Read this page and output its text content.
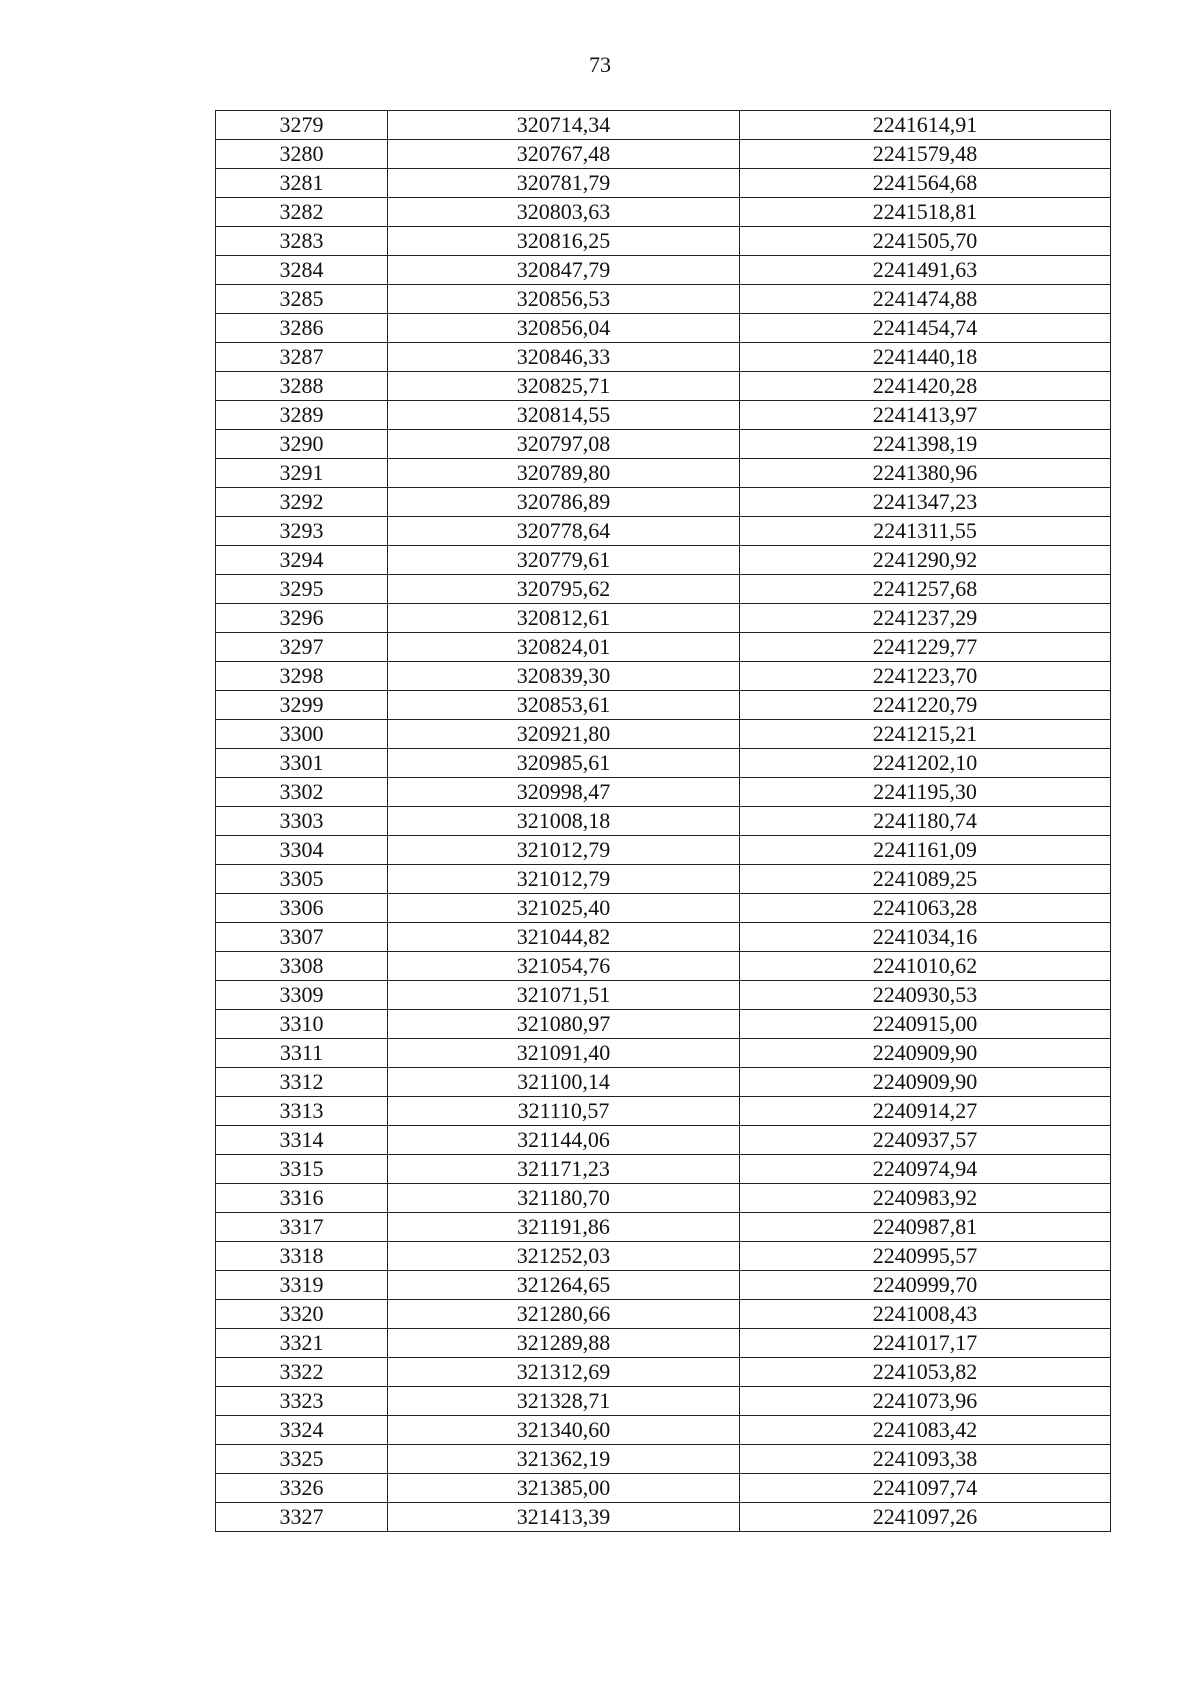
73
3279	320714,34	2241614,91
3280	320767,48	2241579,48
3281	320781,79	2241564,68
3282	320803,63	2241518,81
3283	320816,25	2241505,70
3284	320847,79	2241491,63
3285	320856,53	2241474,88
3286	320856,04	2241454,74
3287	320846,33	2241440,18
3288	320825,71	2241420,28
3289	320814,55	2241413,97
3290	320797,08	2241398,19
3291	320789,80	2241380,96
3292	320786,89	2241347,23
3293	320778,64	2241311,55
3294	320779,61	2241290,92
3295	320795,62	2241257,68
3296	320812,61	2241237,29
3297	320824,01	2241229,77
3298	320839,30	2241223,70
3299	320853,61	2241220,79
3300	320921,80	2241215,21
3301	320985,61	2241202,10
3302	320998,47	2241195,30
3303	321008,18	2241180,74
3304	321012,79	2241161,09
3305	321012,79	2241089,25
3306	321025,40	2241063,28
3307	321044,82	2241034,16
3308	321054,76	2241010,62
3309	321071,51	2240930,53
3310	321080,97	2240915,00
3311	321091,40	2240909,90
3312	321100,14	2240909,90
3313	321110,57	2240914,27
3314	321144,06	2240937,57
3315	321171,23	2240974,94
3316	321180,70	2240983,92
3317	321191,86	2240987,81
3318	321252,03	2240995,57
3319	321264,65	2240999,70
3320	321280,66	2241008,43
3321	321289,88	2241017,17
3322	321312,69	2241053,82
3323	321328,71	2241073,96
3324	321340,60	2241083,42
3325	321362,19	2241093,38
3326	321385,00	2241097,74
3327	321413,39	2241097,26
